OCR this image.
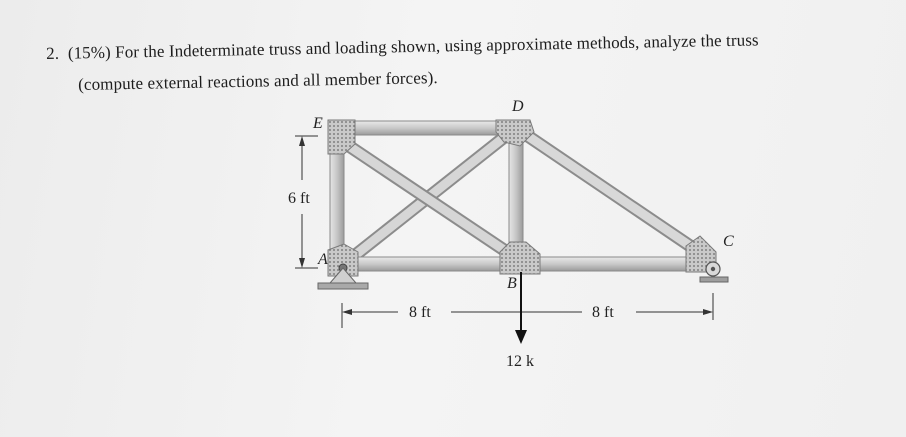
2. (15%) For the Indeterminate truss and loading shown, using approximate methods, analyze the truss
(compute external reactions and all member forces).
6 ft
8 ft	8 ft
12 k
E
D
A
B
C
